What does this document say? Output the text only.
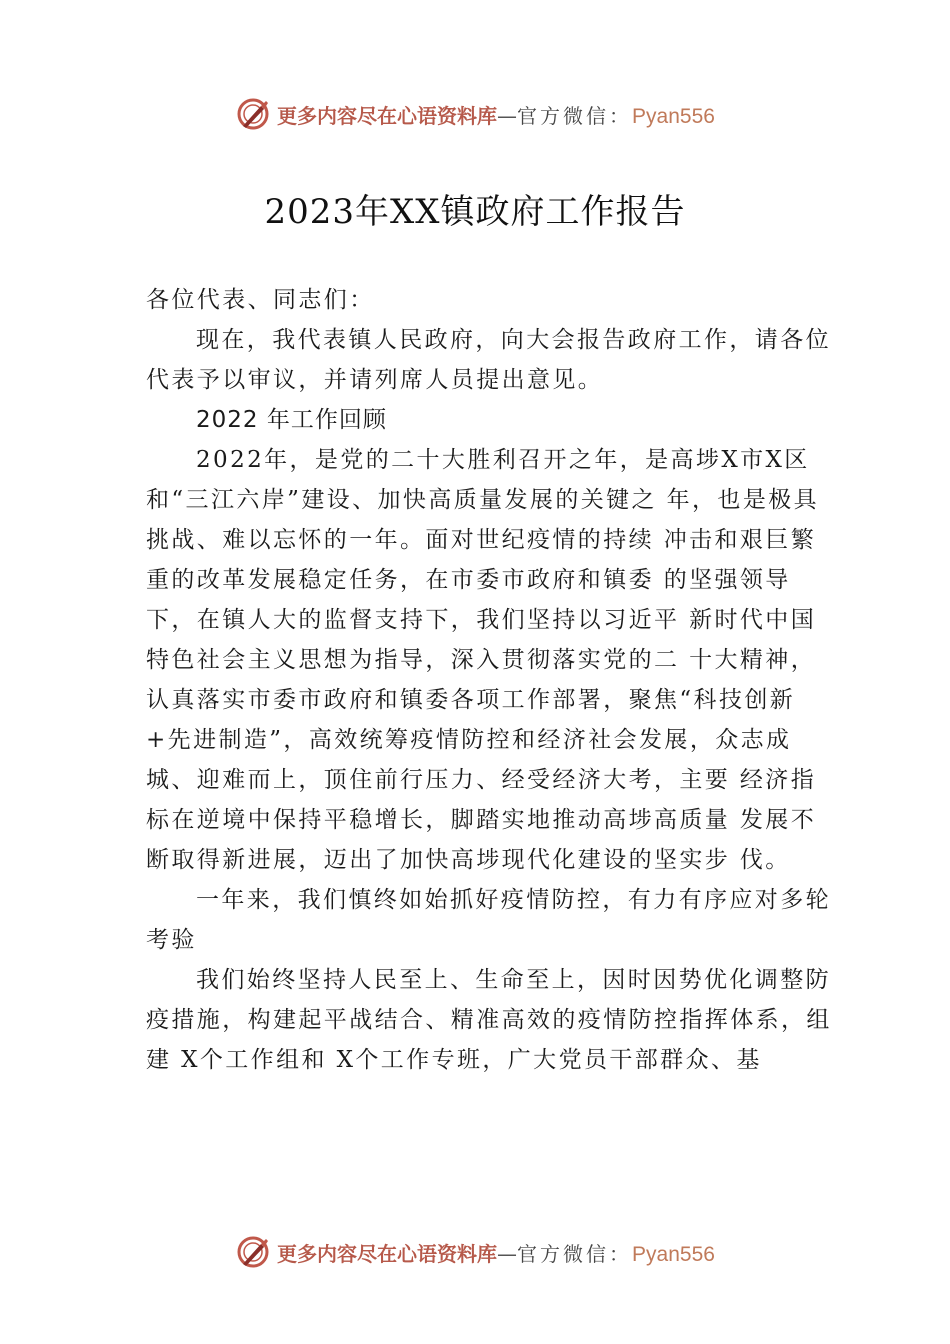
更多内容尽在心语资料库 — 官方微信： Pyan556
2023年XX镇政府工作报告

各位代表、同志们：

现在，我代表镇人民政府，向大会报告政府工作，请各位代表予以审议，并请列席人员提出意见。

2022 年工作回顾

2022年，是党的二十大胜利召开之年，是高埗X市X区和“三江六岸”建设、加快高质量发展的关键之 年，也是极具挑战、难以忘怀的一年。面对世纪疫情的持续 冲击和艰巨繁重的改革发展稳定任务，在市委市政府和镇委 的坚强领导下，在镇人大的监督支持下，我们坚持以习近平 新时代中国特色社会主义思想为指导，深入贯彻落实党的二 十大精神，认真落实市委市政府和镇委各项工作部署，聚焦“科技创新+先进制造”，高效统筹疫情防控和经济社会发展，众志成城、迎难而上，顶住前行压力、经受经济大考，主要 经济指标在逆境中保持平稳增长，脚踏实地推动高埗高质量 发展不断取得新进展，迈出了加快高埗现代化建设的坚实步 伐。

一年来，我们慎终如始抓好疫情防控，有力有序应对多轮考验

我们始终坚持人民至上、生命至上，因时因势优化调整防疫措施，构建起平战结合、精准高效的疫情防控指挥体系，组建 X个工作组和 X个工作专班，广大党员干部群众、基

更多内容尽在心语资料库 — 官方微信： Pyan556
